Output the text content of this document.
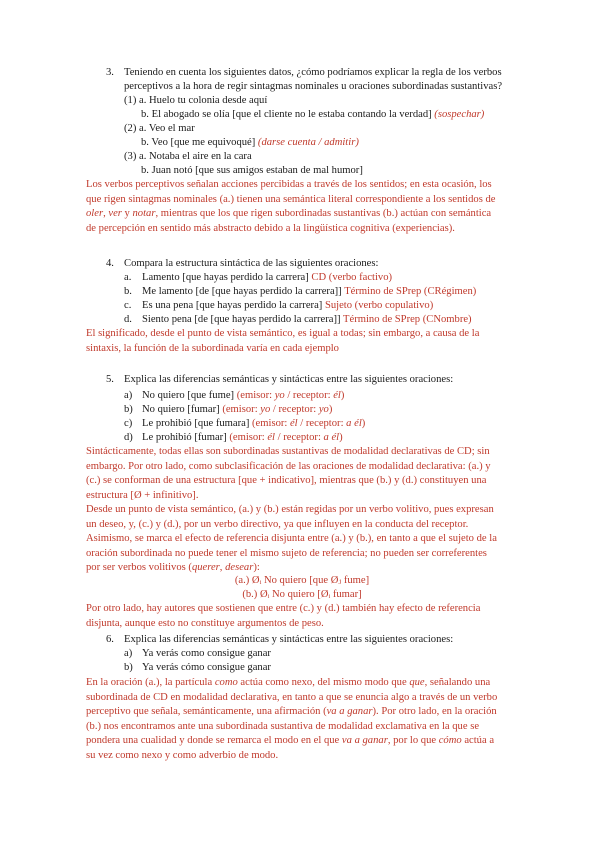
3. Teniendo en cuenta los siguientes datos, ¿cómo podríamos explicar la regla de los verbos perceptivos a la hora de regir sintagmas nominales u oraciones subordinadas sustantivas?
(1) a. Huelo tu colonia desde aquí
b. El abogado se olía [que el cliente no le estaba contando la verdad] (sospechar)
(2) a. Veo el mar
b. Veo [que me equivoqué] (darse cuenta / admitir)
(3) a. Notaba el aire en la cara
b. Juan notó [que sus amigos estaban de mal humor]

Los verbos perceptivos señalan acciones percibidas a través de los sentidos; en esta ocasión, los

que rigen sintagmas nominales (a.) tienen una semántica literal correspondiente a los sentidos de

oler, ver y notar, mientras que los que rigen subordinadas sustantivas (b.) actúan con semántica

de percepción en sentido más abstracto debido a la lingüística cognitiva (experiencias).

4. Compara la estructura sintáctica de las siguientes oraciones:
a. Lamento [que hayas perdido la carrera] CD (verbo factivo)
b. Me lamento [de [que hayas perdido la carrera]] Término de SPrep (CRégimen)
c. Es una pena [que hayas perdido la carrera] Sujeto (verbo copulativo)
d. Siento pena [de [que hayas perdido la carrera]] Término de SPrep (CNombre)

El significado, desde el punto de vista semántico, es igual a todas; sin embargo, a causa de la

sintaxis, la función de la subordinada varía en cada ejemplo

5. Explica las diferencias semánticas y sintácticas entre las siguientes oraciones:
a) No quiero [que fume] (emisor: yo / receptor: él)
b) No quiero [fumar] (emisor: yo / receptor: yo)
c) Le prohibió [que fumara] (emisor: él / receptor: a él)
d) Le prohibió [fumar] (emisor: él / receptor: a él)

Sintácticamente, todas ellas son subordinadas sustantivas de modalidad declarativas de CD; sin

embargo. Por otro lado, como subclasificación de las oraciones de modalidad declarativa: (a.) y

(c.) se conforman de una estructura [que + indicativo], mientras que (b.) y (d.) constituyen una

estructura [Ø + infinitivo].

Desde un punto de vista semántico, (a.) y (b.) están regidas por un verbo volitivo, pues expresan

un deseo, y, (c.) y (d.), por un verbo directivo, ya que influyen en la conducta del receptor.

Asimismo, se marca el efecto de referencia disjunta entre (a.) y (b.), en tanto a que el sujeto de la

oración subordinada no puede tener el mismo sujeto de referencia; no pueden ser correferentes

por ser verbos volitivos (querer, desear):

(a.) Øᵢ No quiero [que Øⱼ fume]
(b.) Øᵢ No quiero [Øᵢ fumar]

Por otro lado, hay autores que sostienen que entre (c.) y (d.) también hay efecto de referencia

disjunta, aunque esto no constituye argumentos de peso.

6. Explica las diferencias semánticas y sintácticas entre las siguientes oraciones:
a) Ya verás como consigue ganar
b) Ya verás cómo consigue ganar

En la oración (a.), la partícula como actúa como nexo, del mismo modo que que, señalando una

subordinada de CD en modalidad declarativa, en tanto a que se enuncia algo a través de un verbo

perceptivo que señala, semánticamente, una afirmación (va a ganar). Por otro lado, en la oración

(b.) nos encontramos ante una subordinada sustantiva de modalidad exclamativa en la que se

pondera una cualidad y donde se remarca el modo en el que va a ganar, por lo que cómo actúa a

su vez como nexo y como adverbio de modo.
